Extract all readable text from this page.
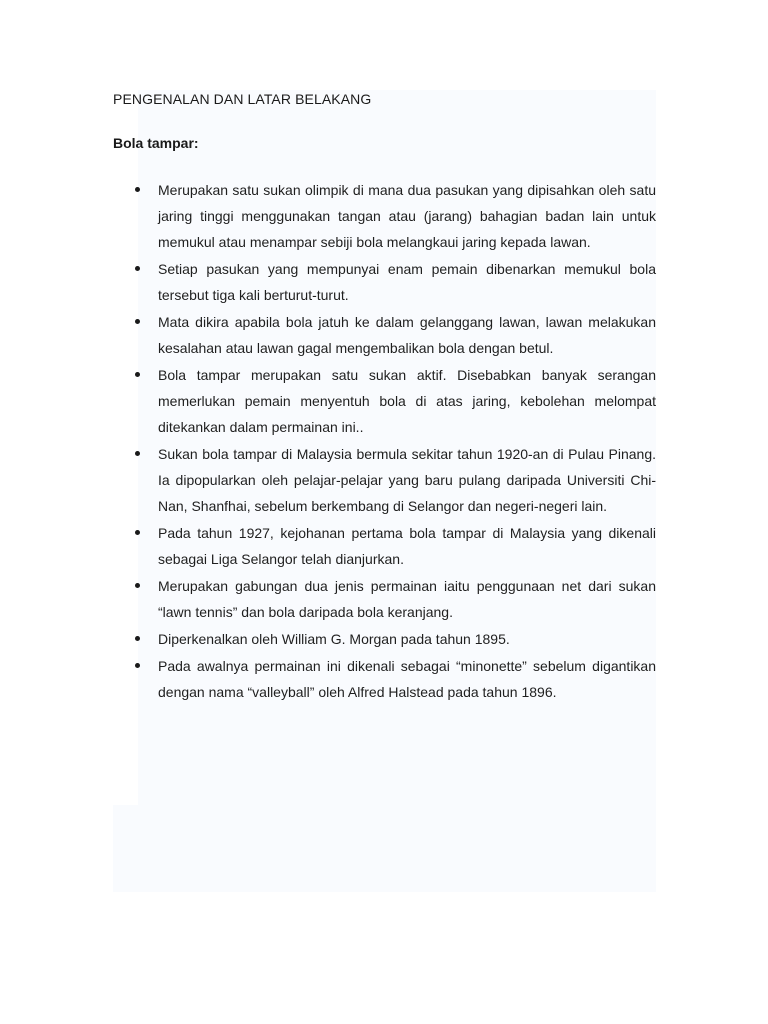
PENGENALAN DAN LATAR BELAKANG
Bola tampar:
Merupakan satu sukan olimpik di mana dua pasukan yang dipisahkan oleh satu jaring tinggi menggunakan tangan atau (jarang) bahagian badan lain untuk memukul atau menampar sebiji bola melangkaui jaring kepada lawan.
Setiap pasukan yang mempunyai enam pemain dibenarkan memukul bola tersebut tiga kali berturut-turut.
Mata dikira apabila bola jatuh ke dalam gelanggang lawan, lawan melakukan kesalahan atau lawan gagal mengembalikan bola dengan betul.
Bola tampar merupakan satu sukan aktif. Disebabkan banyak serangan memerlukan pemain menyentuh bola di atas jaring, kebolehan melompat ditekankan dalam permainan ini..
Sukan bola tampar di Malaysia bermula sekitar tahun 1920-an di Pulau Pinang. Ia dipopularkan oleh pelajar-pelajar yang baru pulang daripada Universiti Chi-Nan, Shanfhai, sebelum berkembang di Selangor dan negeri-negeri lain.
Pada tahun 1927, kejohanan pertama bola tampar di Malaysia yang dikenali sebagai Liga Selangor telah dianjurkan.
Merupakan gabungan dua jenis permainan iaitu penggunaan net dari sukan “lawn tennis” dan bola daripada bola keranjang.
Diperkenalkan oleh William G. Morgan pada tahun 1895.
Pada awalnya permainan ini dikenali sebagai “minonette” sebelum digantikan dengan nama “valleyball” oleh Alfred Halstead pada tahun 1896.
